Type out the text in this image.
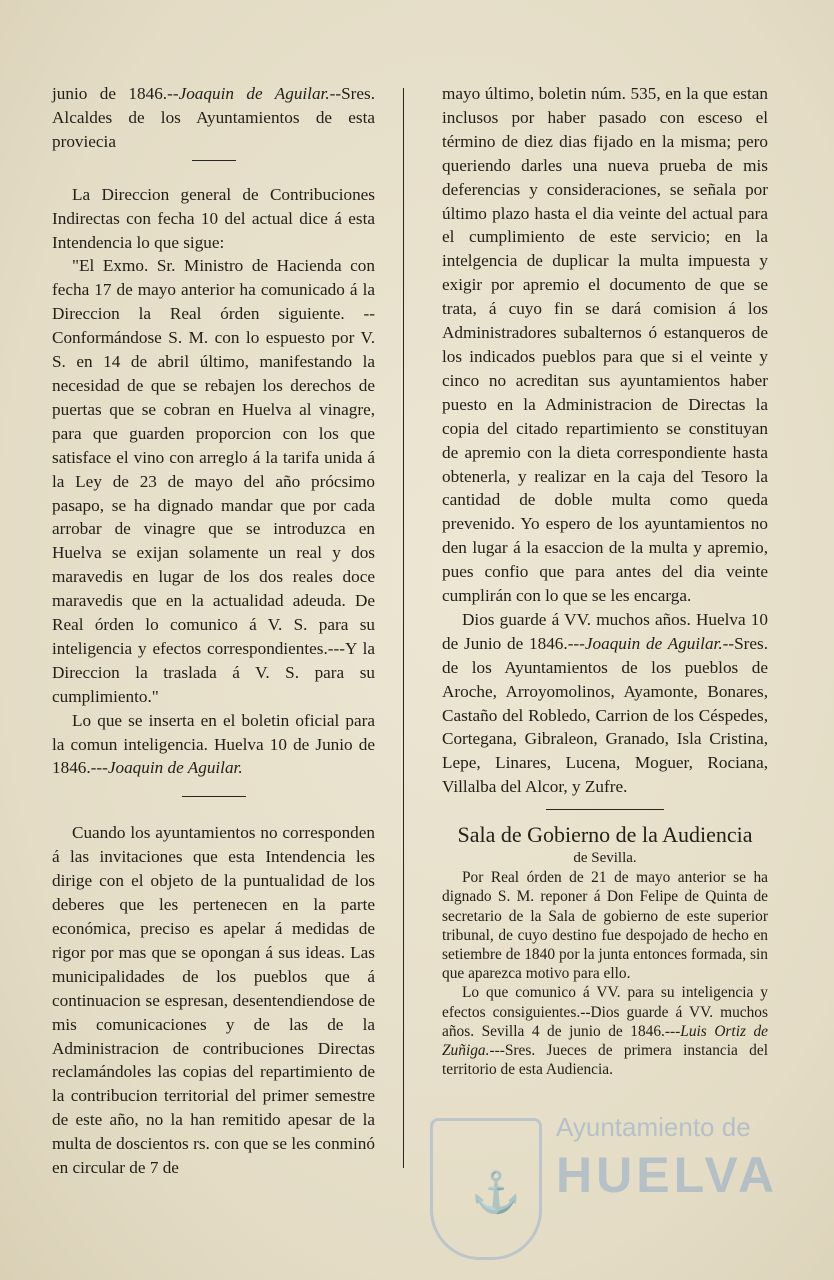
junio de 1846.--Joaquin de Aguilar.--Sres. Alcaldes de los Ayuntamientos de esta proviecia

La Direccion general de Contribuciones Indirectas con fecha 10 del actual dice á esta Intendencia lo que sigue:

"El Exmo. Sr. Ministro de Hacienda con fecha 17 de mayo anterior ha comunicado á la Direccion la Real órden siguiente. --Conformándose S. M. con lo espuesto por V. S. en 14 de abril último, manifestando la necesidad de que se rebajen los derechos de puertas que se cobran en Huelva al vinagre, para que guarden proporcion con los que satisface el vino con arreglo á la tarifa unida á la Ley de 23 de mayo del año prócsimo pasapo, se ha dignado mandar que por cada arrobar de vinagre que se introduzca en Huelva se exijan solamente un real y dos maravedis en lugar de los dos reales doce maravedis que en la actualidad adeuda. De Real órden lo comunico á V. S. para su inteligencia y efectos correspondientes.---Y la Direccion la traslada á V. S. para su cumplimiento."

Lo que se inserta en el boletin oficial para la comun inteligencia. Huelva 10 de Junio de 1846.---Joaquin de Aguilar.

Cuando los ayuntamientos no corresponden á las invitaciones que esta Intendencia les dirige con el objeto de la puntualidad de los deberes que les pertenecen en la parte económica, preciso es apelar á medidas de rigor por mas que se opongan á sus ideas. Las municipalidades de los pueblos que á continuacion se espresan, desentendiendose de mis comunicaciones y de las de la Administracion de contribuciones Directas reclamándoles las copias del repartimiento de la contribucion territorial del primer semestre de este año, no la han remitido apesar de la multa de doscientos rs. con que se les conminó en circular de 7 de

mayo último, boletin núm. 535, en la que estan inclusos por haber pasado con esceso el término de diez dias fijado en la misma; pero queriendo darles una nueva prueba de mis deferencias y consideraciones, se señala por último plazo hasta el dia veinte del actual para el cumplimiento de este servicio; en la intelgencia de duplicar la multa impuesta y exigir por apremio el documento de que se trata, á cuyo fin se dará comision á los Administradores subalternos ó estanqueros de los indicados pueblos para que si el veinte y cinco no acreditan sus ayuntamientos haber puesto en la Administracion de Directas la copia del citado repartimiento se constituyan de apremio con la dieta correspondiente hasta obtenerla, y realizar en la caja del Tesoro la cantidad de doble multa como queda prevenido. Yo espero de los ayuntamientos no den lugar á la esaccion de la multa y apremio, pues confio que para antes del dia veinte cumplirán con lo que se les encarga.

Dios guarde á VV. muchos años. Huelva 10 de Junio de 1846.---Joaquin de Aguilar.--Sres. de los Ayuntamientos de los pueblos de Aroche, Arroyomolinos, Ayamonte, Bonares, Castaño del Robledo, Carrion de los Céspedes, Cortegana, Gibraleon, Granado, Isla Cristina, Lepe, Linares, Lucena, Moguer, Rociana, Villalba del Alcor, y Zufre.

Sala de Gobierno de la Audiencia

de Sevilla.

Por Real órden de 21 de mayo anterior se ha dignado S. M. reponer á Don Felipe de Quinta de secretario de la Sala de gobierno de este superior tribunal, de cuyo destino fue despojado de hecho en setiembre de 1840 por la junta entonces formada, sin que aparezca motivo para ello.

Lo que comunico á VV. para su inteligencia y efectos consiguientes.--Dios guarde á VV. muchos años. Sevilla 4 de junio de 1846.---Luis Ortiz de Zuñiga.---Sres. Jueces de primera instancia del territorio de esta Audiencia.

⚓
Ayuntamiento de
HUELVA
